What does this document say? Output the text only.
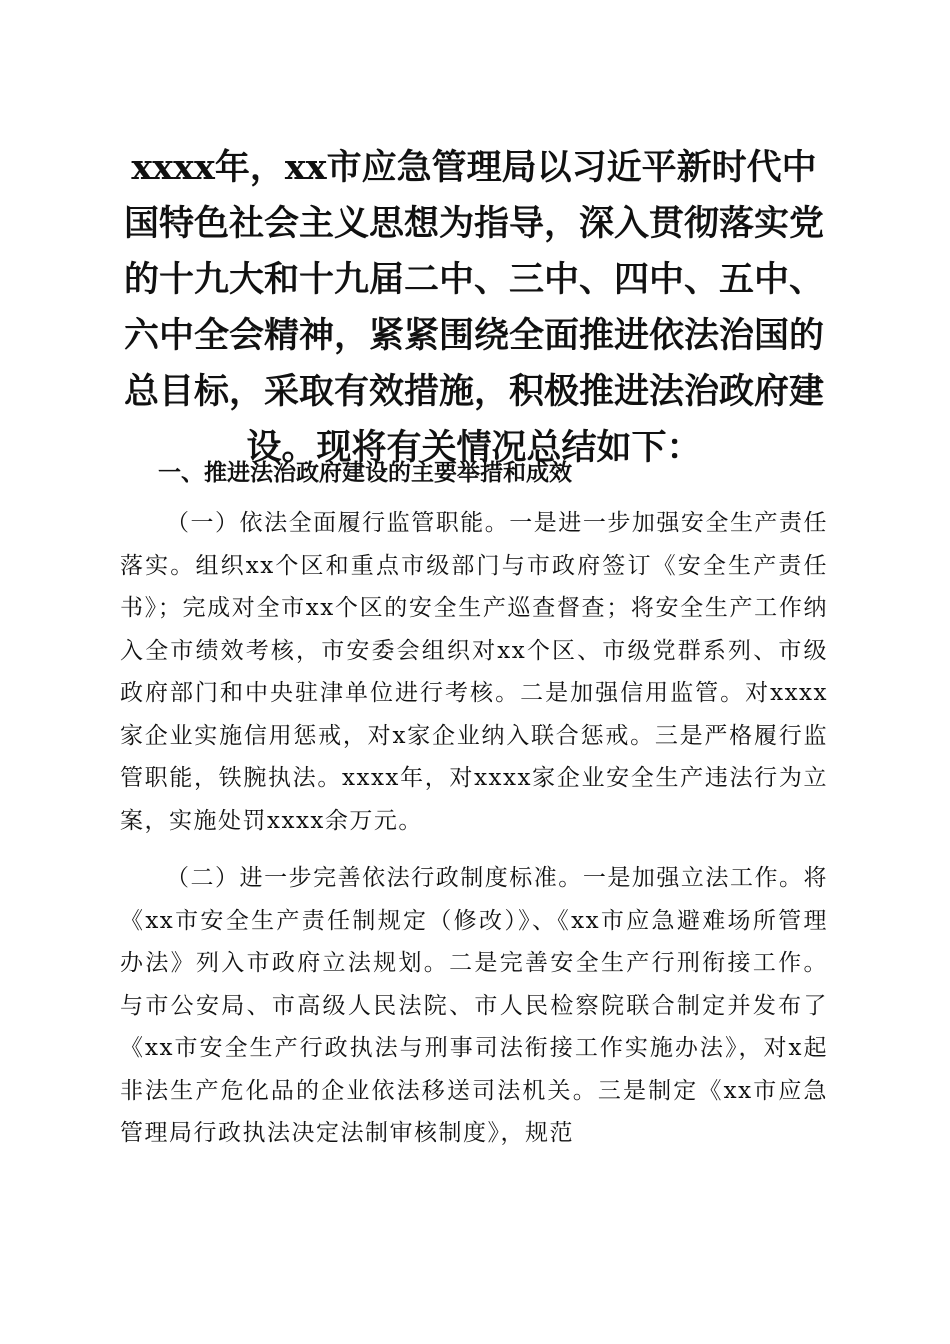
xxxx年，xx市应急管理局以习近平新时代中国特色社会主义思想为指导，深入贯彻落实党的十九大和十九届二中、三中、四中、五中、六中全会精神，紧紧围绕全面推进依法治国的总目标，采取有效措施，积极推进法治政府建设。现将有关情况总结如下：
一、推进法治政府建设的主要举措和成效

（一）依法全面履行监管职能。一是进一步加强安全生产责任落实。组织xx个区和重点市级部门与市政府签订《安全生产责任书》；完成对全市xx个区的安全生产巡查督查；将安全生产工作纳入全市绩效考核，市安委会组织对xx个区、市级党群系列、市级政府部门和中央驻津单位进行考核。二是加强信用监管。对xxxx家企业实施信用惩戒，对x家企业纳入联合惩戒。三是严格履行监管职能，铁腕执法。xxxx年，对xxxx家企业安全生产违法行为立案，实施处罚xxxx余万元。

（二）进一步完善依法行政制度标准。一是加强立法工作。将《xx市安全生产责任制规定（修改）》、《xx市应急避难场所管理办法》列入市政府立法规划。二是完善安全生产行刑衔接工作。与市公安局、市高级人民法院、市人民检察院联合制定并发布了《xx市安全生产行政执法与刑事司法衔接工作实施办法》，对x起非法生产危化品的企业依法移送司法机关。三是制定《xx市应急管理局行政执法决定法制审核制度》，规范
